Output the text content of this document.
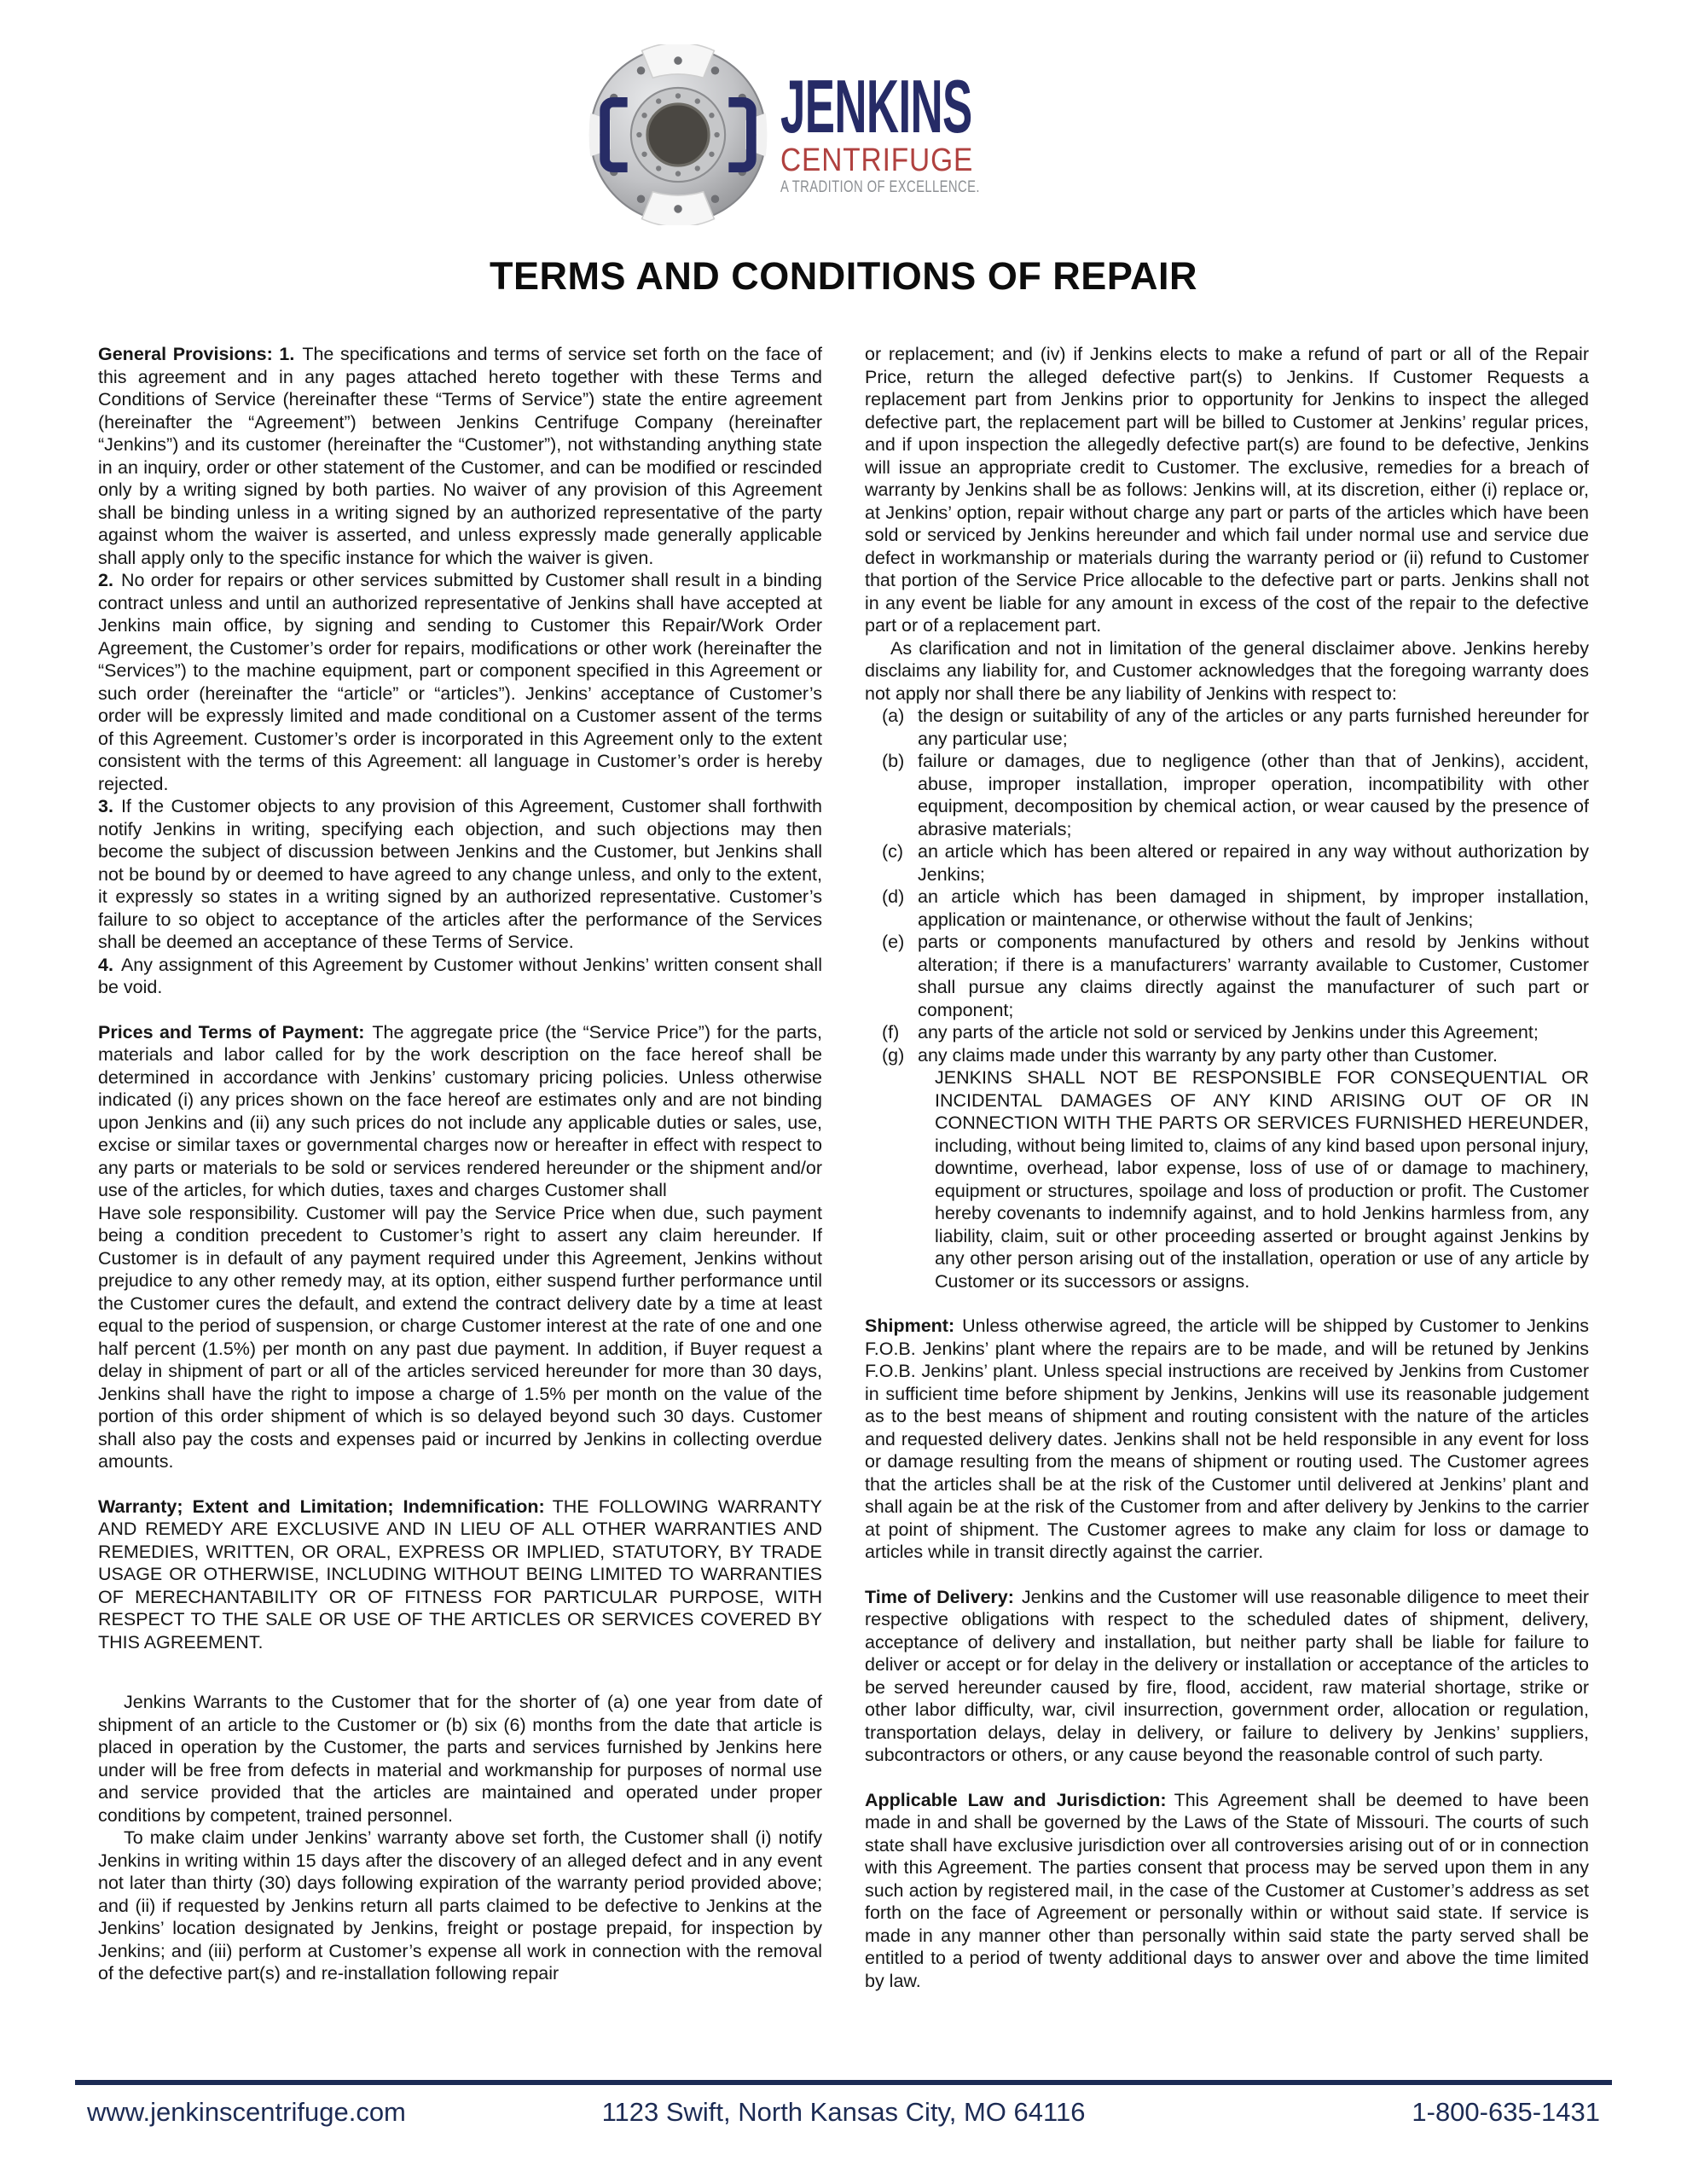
JENKINS
CENTRIFUGE
A TRADITION OF EXCELLENCE.
TERMS AND CONDITIONS OF REPAIR

General Provisions: 1. The specifications and terms of service set forth on the face of this agreement and in any pages attached hereto together with these Terms and Conditions of Service (hereinafter these “Terms of Service”) state the entire agreement (hereinafter the “Agreement”) between Jenkins Centrifuge Company (hereinafter “Jenkins”) and its customer (hereinafter the “Customer”), not withstanding anything state in an inquiry, order or other statement of the Customer, and can be modified or rescinded only by a writing signed by both parties. No waiver of any provision of this Agreement shall be binding unless in a writing signed by an authorized representative of the party against whom the waiver is asserted, and unless expressly made generally applicable shall apply only to the specific instance for which the waiver is given.

2. No order for repairs or other services submitted by Customer shall result in a binding contract unless and until an authorized representative of Jenkins shall have accepted at Jenkins main office, by signing and sending to Customer this Repair/Work Order Agreement, the Customer’s order for repairs, modifications or other work (hereinafter the “Services”) to the machine equipment, part or component specified in this Agreement or such order (hereinafter the “article” or “articles”). Jenkins’ acceptance of Customer’s order will be expressly limited and made conditional on a Customer assent of the terms of this Agreement. Customer’s order is incorporated in this Agreement only to the extent consistent with the terms of this Agreement: all language in Customer’s order is hereby rejected.

3. If the Customer objects to any provision of this Agreement, Customer shall forthwith notify Jenkins in writing, specifying each objection, and such objections may then become the subject of discussion between Jenkins and the Customer, but Jenkins shall not be bound by or deemed to have agreed to any change unless, and only to the extent, it expressly so states in a writing signed by an authorized representative. Customer’s failure to so object to acceptance of the articles after the performance of the Services shall be deemed an acceptance of these Terms of Service.

4. Any assignment of this Agreement by Customer without Jenkins’ written consent shall be void.

Prices and Terms of Payment: The aggregate price (the “Service Price”) for the parts, materials and labor called for by the work description on the face hereof shall be determined in accordance with Jenkins’ customary pricing policies. Unless otherwise indicated (i) any prices shown on the face hereof are estimates only and are not binding upon Jenkins and (ii) any such prices do not include any applicable duties or sales, use, excise or similar taxes or governmental charges now or hereafter in effect with respect to any parts or materials to be sold or services rendered hereunder or the shipment and/or use of the articles, for which duties, taxes and charges Customer shall

Have sole responsibility. Customer will pay the Service Price when due, such payment being a condition precedent to Customer’s right to assert any claim hereunder. If Customer is in default of any payment required under this Agreement, Jenkins without prejudice to any other remedy may, at its option, either suspend further performance until the Customer cures the default, and extend the contract delivery date by a time at least equal to the period of suspension, or charge Customer interest at the rate of one and one half percent (1.5%) per month on any past due payment. In addition, if Buyer request a delay in shipment of part or all of the articles serviced hereunder for more than 30 days, Jenkins shall have the right to impose a charge of 1.5% per month on the value of the portion of this order shipment of which is so delayed beyond such 30 days. Customer shall also pay the costs and expenses paid or incurred by Jenkins in collecting overdue amounts.

Warranty; Extent and Limitation; Indemnification: THE FOLLOWING WARRANTY AND REMEDY ARE EXCLUSIVE AND IN LIEU OF ALL OTHER WARRANTIES AND REMEDIES, WRITTEN, OR ORAL, EXPRESS OR IMPLIED, STATUTORY, BY TRADE USAGE OR OTHERWISE, INCLUDING WITHOUT BEING LIMITED TO WARRANTIES OF MERECHANTABILITY OR OF FITNESS FOR PARTICULAR PURPOSE, WITH RESPECT TO THE SALE OR USE OF THE ARTICLES OR SERVICES COVERED BY THIS AGREEMENT.

Jenkins Warrants to the Customer that for the shorter of (a) one year from date of shipment of an article to the Customer or (b) six (6) months from the date that article is placed in operation by the Customer, the parts and services furnished by Jenkins here under will be free from defects in material and workmanship for purposes of normal use and service provided that the articles are maintained and operated under proper conditions by competent, trained personnel.

To make claim under Jenkins’ warranty above set forth, the Customer shall (i) notify Jenkins in writing within 15 days after the discovery of an alleged defect and in any event not later than thirty (30) days following expiration of the warranty period provided above; and (ii) if requested by Jenkins return all parts claimed to be defective to Jenkins at the Jenkins’ location designated by Jenkins, freight or postage prepaid, for inspection by Jenkins; and (iii) perform at Customer’s expense all work in connection with the removal of the defective part(s) and re-installation following repair

or replacement; and (iv) if Jenkins elects to make a refund of part or all of the Repair Price, return the alleged defective part(s) to Jenkins. If Customer Requests a replacement part from Jenkins prior to opportunity for Jenkins to inspect the alleged defective part, the replacement part will be billed to Customer at Jenkins’ regular prices, and if upon inspection the allegedly defective part(s) are found to be defective, Jenkins will issue an appropriate credit to Customer. The exclusive, remedies for a breach of warranty by Jenkins shall be as follows: Jenkins will, at its discretion, either (i) replace or, at Jenkins’ option, repair without charge any part or parts of the articles which have been sold or serviced by Jenkins hereunder and which fail under normal use and service due defect in workmanship or materials during the warranty period or (ii) refund to Customer that portion of the Service Price allocable to the defective part or parts. Jenkins shall not in any event be liable for any amount in excess of the cost of the repair to the defective part or of a replacement part.

As clarification and not in limitation of the general disclaimer above. Jenkins hereby disclaims any liability for, and Customer acknowledges that the foregoing warranty does not apply nor shall there be any liability of Jenkins with respect to:

(a) the design or suitability of any of the articles or any parts furnished hereunder for any particular use;
(b) failure or damages, due to negligence (other than that of Jenkins), accident, abuse, improper installation, improper operation, incompatibility with other equipment, decomposition by chemical action, or wear caused by the presence of abrasive materials;
(c) an article which has been altered or repaired in any way without authorization by Jenkins;
(d) an article which has been damaged in shipment, by improper installation, application or maintenance, or otherwise without the fault of Jenkins;
(e) parts or components manufactured by others and resold by Jenkins without alteration; if there is a manufacturers’ warranty available to Customer, Customer shall pursue any claims directly against the manufacturer of such part or component;
(f)	any parts of the article not sold or serviced by Jenkins under this Agreement;
(g) any claims made under this warranty by any party other than Customer.

JENKINS SHALL NOT BE RESPONSIBLE FOR CONSEQUENTIAL OR INCIDENTAL DAMAGES OF ANY KIND ARISING OUT OF OR IN CONNECTION WITH THE PARTS OR SERVICES FURNISHED HEREUNDER, including, without being limited to, claims of any kind based upon personal injury, downtime, overhead, labor expense, loss of use of or damage to machinery, equipment or structures, spoilage and loss of production or profit. The Customer hereby covenants to indemnify against, and to hold Jenkins harmless from, any liability, claim, suit or other proceeding asserted or brought against Jenkins by any other person arising out of the installation, operation or use of any article by Customer or its successors or assigns.

Shipment: Unless otherwise agreed, the article will be shipped by Customer to Jenkins F.O.B. Jenkins’ plant where the repairs are to be made, and will be retuned by Jenkins F.O.B. Jenkins’ plant. Unless special instructions are received by Jenkins from Customer in sufficient time before shipment by Jenkins, Jenkins will use its reasonable judgement as to the best means of shipment and routing consistent with the nature of the articles and requested delivery dates. Jenkins shall not be held responsible in any event for loss or damage resulting from the means of shipment or routing used. The Customer agrees that the articles shall be at the risk of the Customer until delivered at Jenkins’ plant and shall again be at the risk of the Customer from and after delivery by Jenkins to the carrier at point of shipment. The Customer agrees to make any claim for loss or damage to articles while in transit directly against the carrier.

Time of Delivery: Jenkins and the Customer will use reasonable diligence to meet their respective obligations with respect to the scheduled dates of shipment, delivery, acceptance of delivery and installation, but neither party shall be liable for failure to deliver or accept or for delay in the delivery or installation or acceptance of the articles to be served hereunder caused by fire, flood, accident, raw material shortage, strike or other labor difficulty, war, civil insurrection, government order, allocation or regulation, transportation delays, delay in delivery, or failure to delivery by Jenkins’ suppliers, subcontractors or others, or any cause beyond the reasonable control of such party.

Applicable Law and Jurisdiction: This Agreement shall be deemed to have been made in and shall be governed by the Laws of the State of Missouri. The courts of such state shall have exclusive jurisdiction over all controversies arising out of or in connection with this Agreement. The parties consent that process may be served upon them in any such action by registered mail, in the case of the Customer at Customer’s address as set forth on the face of Agreement or personally within or without said state. If service is made in any manner other than personally within said state the party served shall be entitled to a period of twenty additional days to answer over and above the time limited by law.

www.jenkinscentrifuge.com	1123 Swift, North Kansas City, MO 64116	1-800-635-1431
